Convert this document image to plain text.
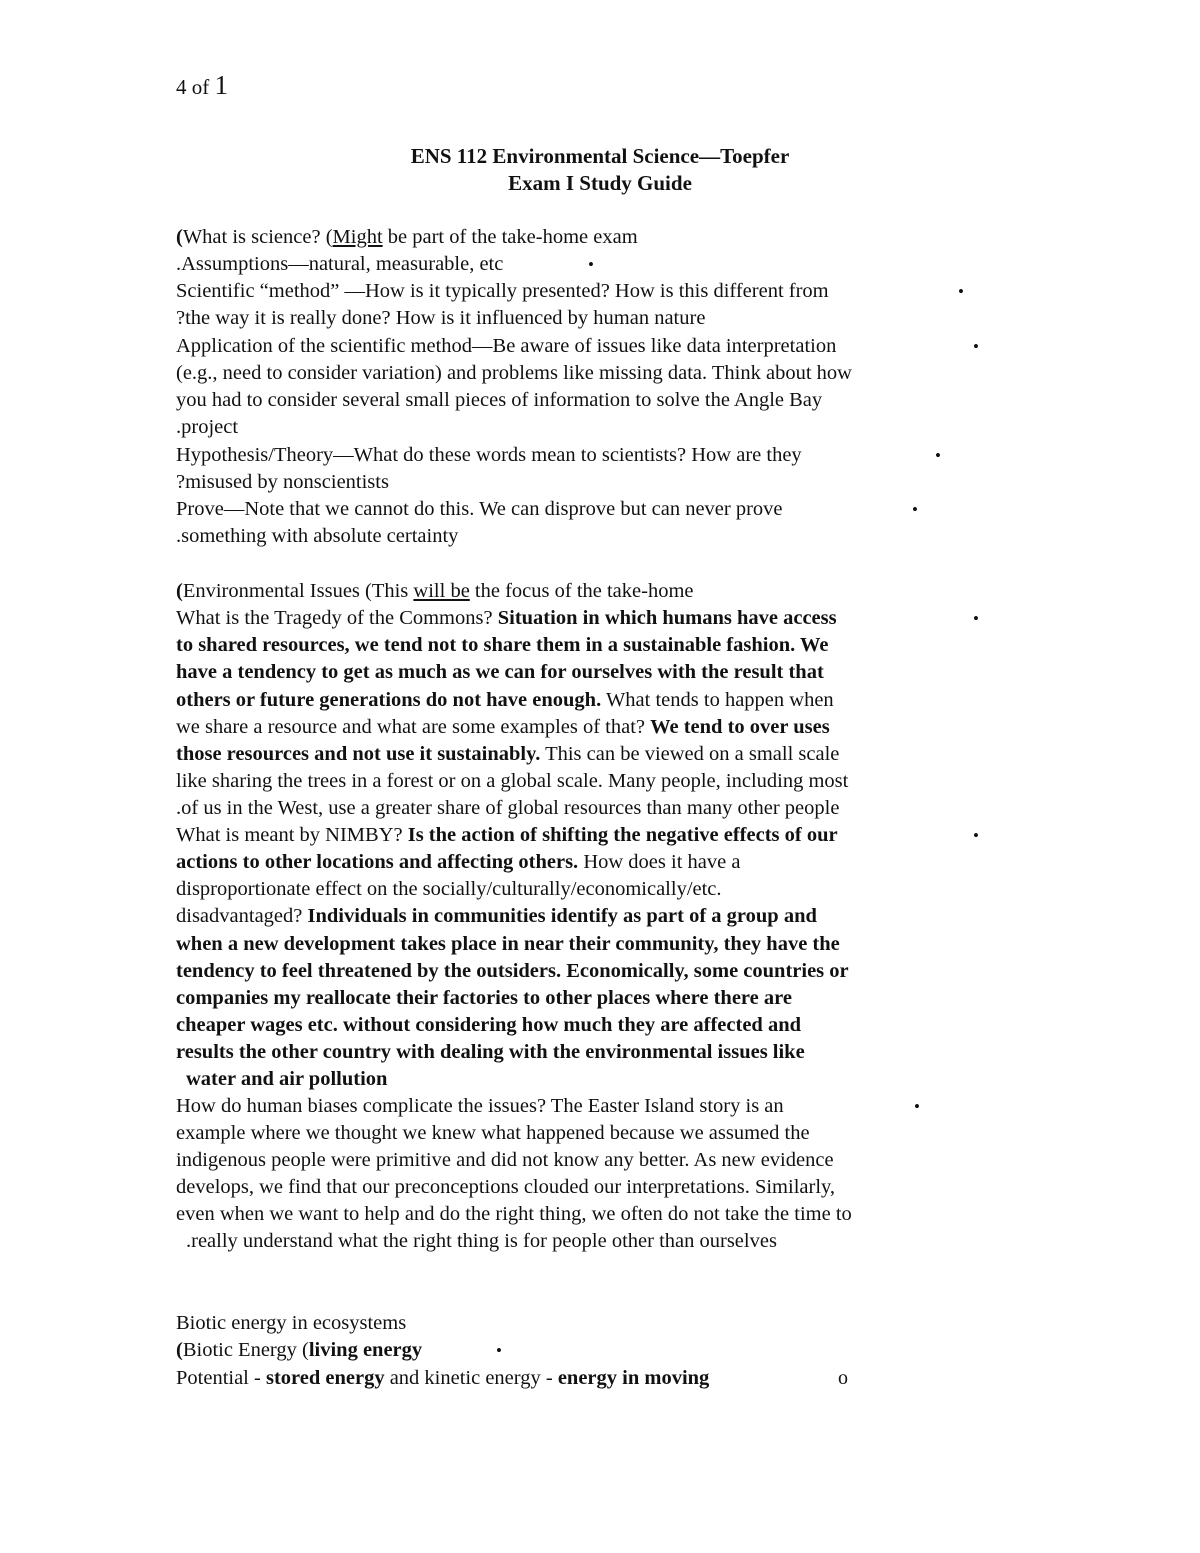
4 of 1
ENS 112 Environmental Science—Toepfer
Exam I Study Guide
(What is science? (Might be part of the take-home exam
.Assumptions—natural, measurable, etc	•
Scientific “method” —How is it typically presented? How is this different from	•
?the way it is really done? How is it influenced by human nature
Application of the scientific method—Be aware of issues like data interpretation	•
(e.g., need to consider variation) and problems like missing data. Think about how
you had to consider several small pieces of information to solve the Angle Bay
.project
Hypothesis/Theory—What do these words mean to scientists? How are they	•
?misused by nonscientists
Prove—Note that we cannot do this. We can disprove but can never prove	•
.something with absolute certainty
(Environmental Issues (This will be the focus of the take-home
What is the Tragedy of the Commons? Situation in which humans have access	•
to shared resources, we tend not to share them in a sustainable fashion. We
have a tendency to get as much as we can for ourselves with the result that
others or future generations do not have enough. What tends to happen when
we share a resource and what are some examples of that? We tend to over uses
those resources and not use it sustainably. This can be viewed on a small scale
like sharing the trees in a forest or on a global scale. Many people, including most
.of us in the West, use a greater share of global resources than many other people
What is meant by NIMBY? Is the action of shifting the negative effects of our	•
actions to other locations and affecting others. How does it have a
disproportionate effect on the socially/culturally/economically/etc.
disadvantaged? Individuals in communities identify as part of a group and
when a new development takes place in near their community, they have the
tendency to feel threatened by the outsiders. Economically, some countries or
companies my reallocate their factories to other places where there are
cheaper wages etc. without considering how much they are affected and
results the other country with dealing with the environmental issues like
water and air pollution
How do human biases complicate the issues? The Easter Island story is an	•
example where we thought we knew what happened because we assumed the
indigenous people were primitive and did not know any better. As new evidence
develops, we find that our preconceptions clouded our interpretations. Similarly,
even when we want to help and do the right thing, we often do not take the time to
.really understand what the right thing is for people other than ourselves
Biotic energy in ecosystems
(Biotic Energy (living energy	•
Potential - stored energy and kinetic energy - energy in moving	o
